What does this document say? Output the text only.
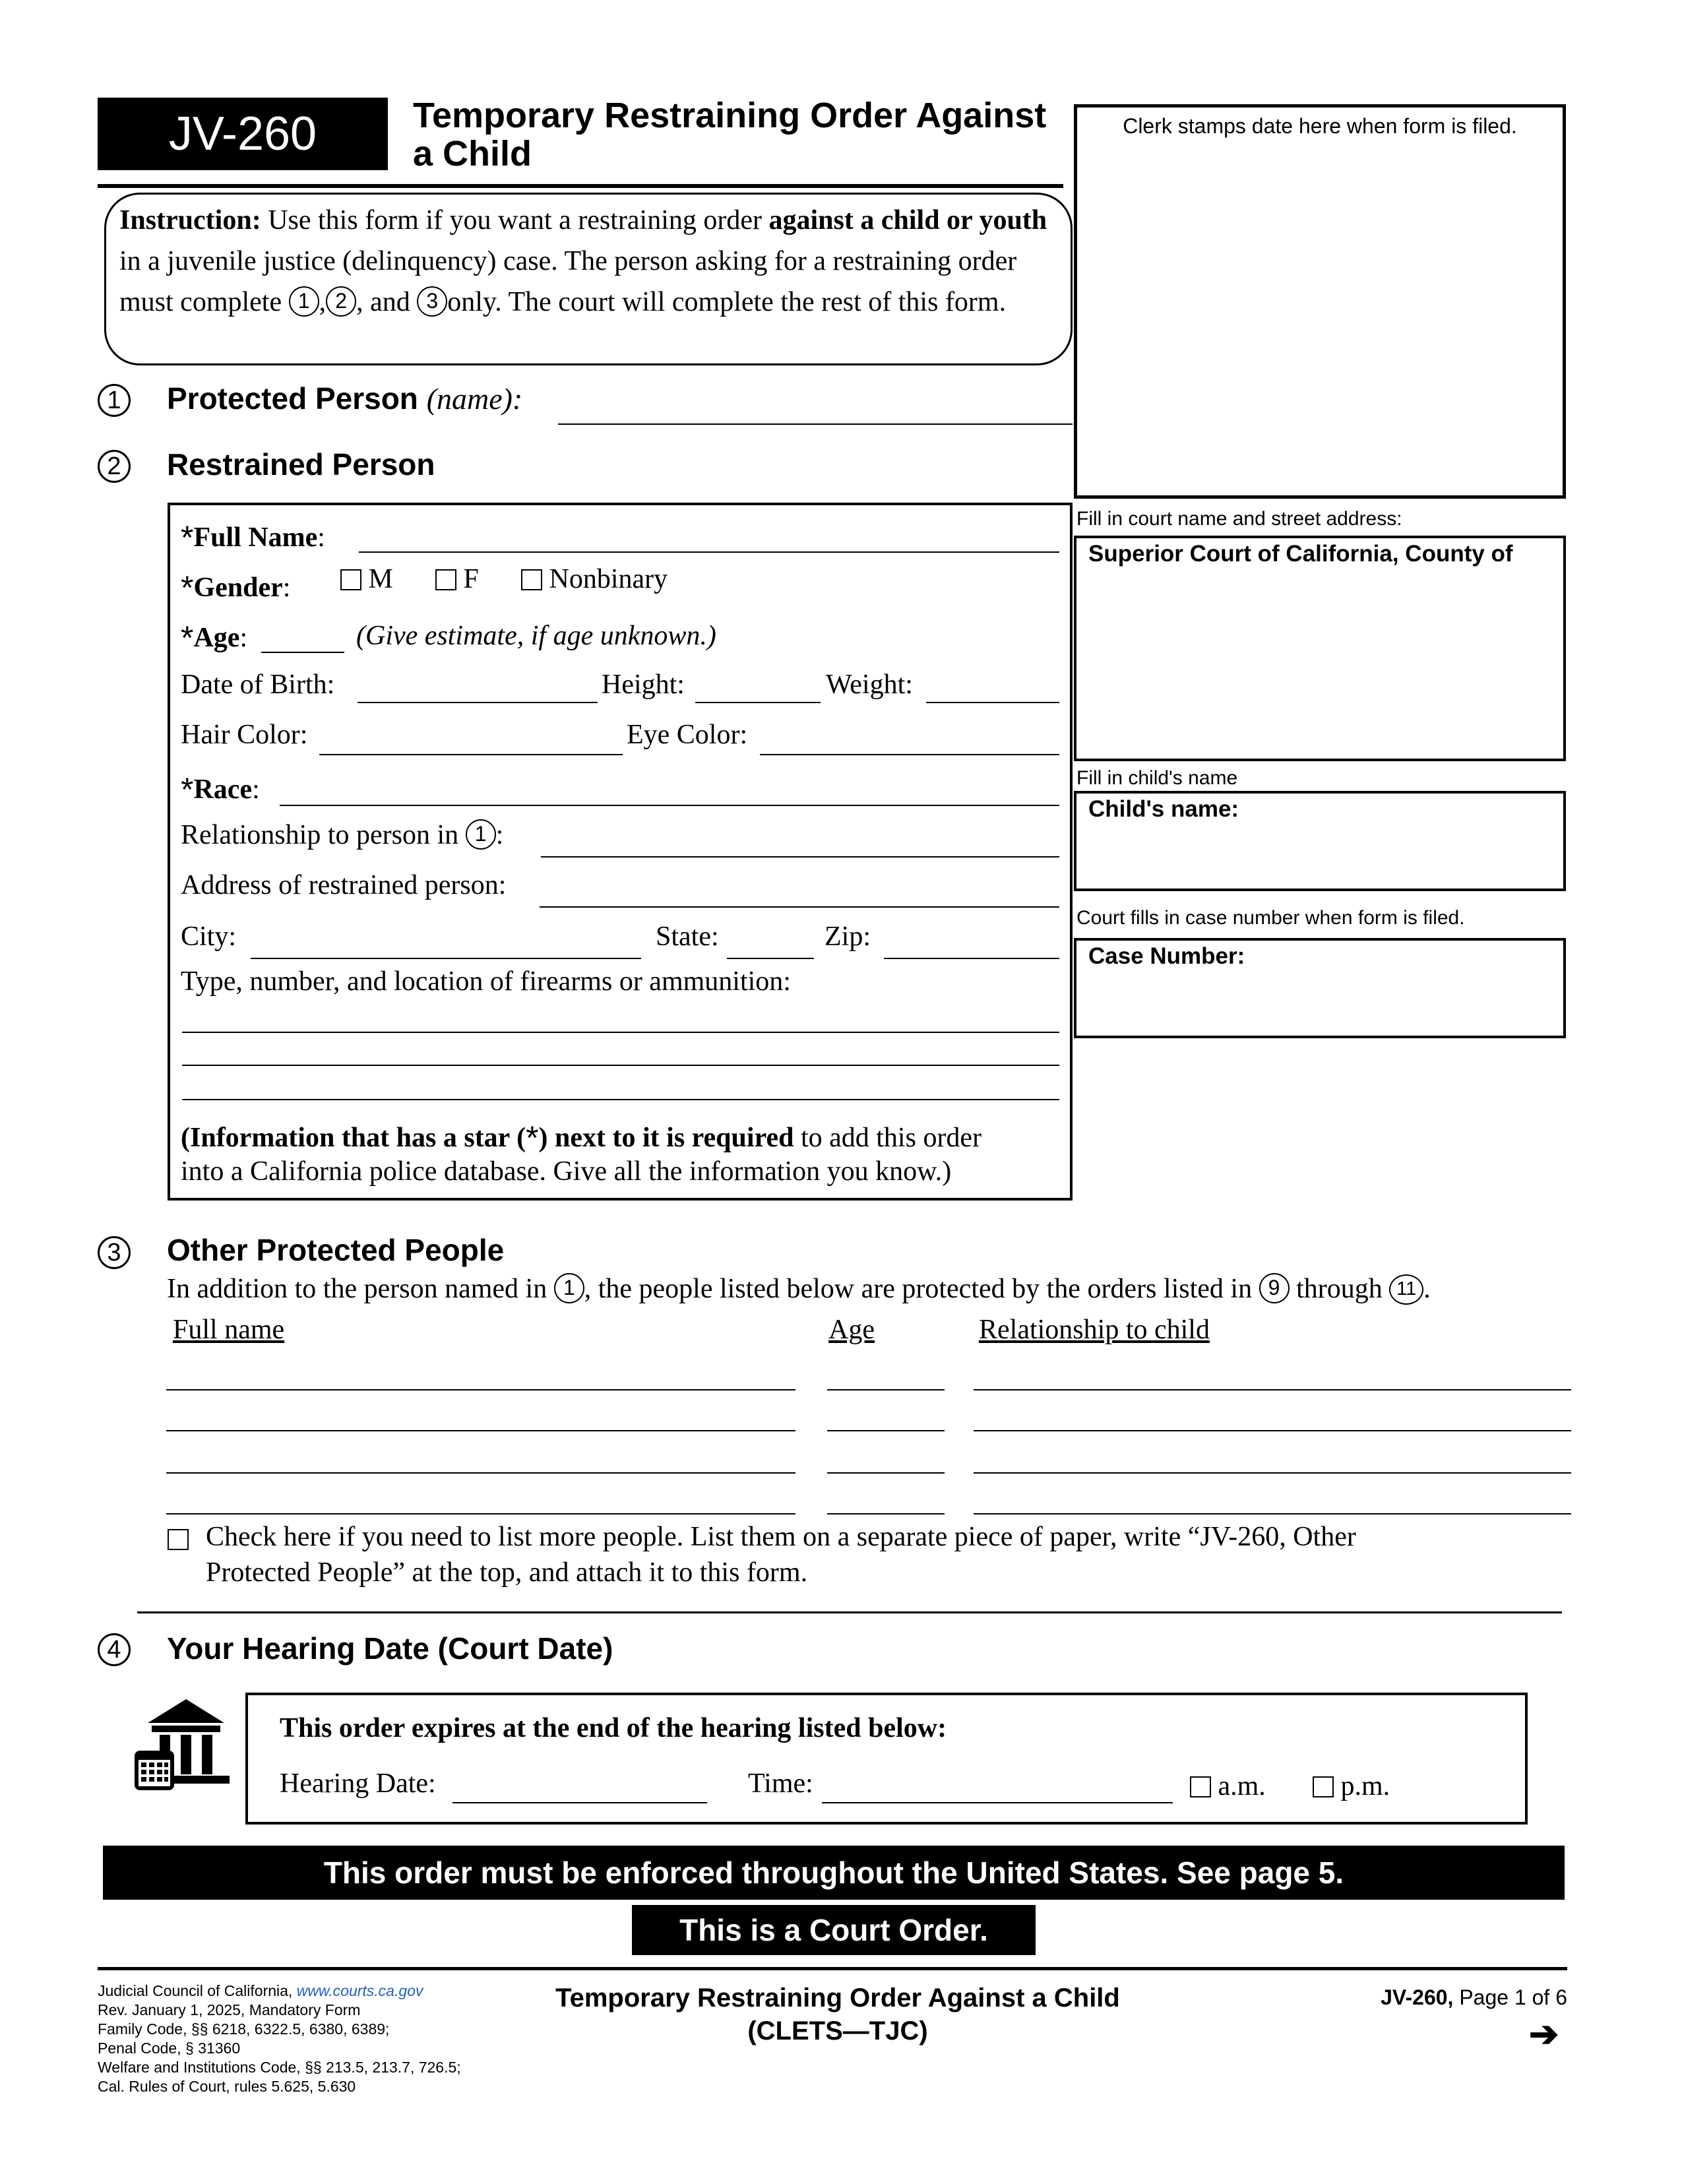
JV-260	Temporary Restraining Order Against a Child
Instruction: Use this form if you want a restraining order against a child or youth in a juvenile justice (delinquency) case. The person asking for a restraining order must complete 1 , 2 , and 3 only. The court will complete the rest of this form.
Clerk stamps date here when form is filed.
Fill in court name and street address:
Superior Court of California, County of
Fill in child's name
Child's name:
Court fills in case number when form is filed.
Case Number:
1	Protected Person (name):
2	Restrained Person
*Full Name:
*Gender:	M	F	Nonbinary
*Age:	(Give estimate, if age unknown.)
Date of Birth:	Height:	Weight:
Hair Color:	Eye Color:
*Race:
Relationship to person in 1 :
Address of restrained person:
City:	State:	Zip:
Type, number, and location of firearms or ammunition:
(Information that has a star (*) next to it is required to add this order
into a California police database. Give all the information you know.)
3	Other Protected People
In addition to the person named in 1 , the people listed below are protected by the orders listed in 9 through 11 .
Full name	Age	Relationship to child
Check here if you need to list more people. List them on a separate piece of paper, write “JV-260, Other
Protected People” at the top, and attach it to this form.
4	Your Hearing Date (Court Date)
This order expires at the end of the hearing listed below:
Hearing Date:	Time:	a.m.	p.m.
This order must be enforced throughout the United States. See page 5.
This is a Court Order.
Judicial Council of California, www.courts.ca.gov
Rev. January 1, 2025, Mandatory Form
Family Code, §§ 6218, 6322.5, 6380, 6389;
Penal Code, § 31360
Welfare and Institutions Code, §§ 213.5, 213.7, 726.5;
Cal. Rules of Court, rules 5.625, 5.630
Temporary Restraining Order Against a Child
(CLETS—TJC)
JV-260, Page 1 of 6
➔
